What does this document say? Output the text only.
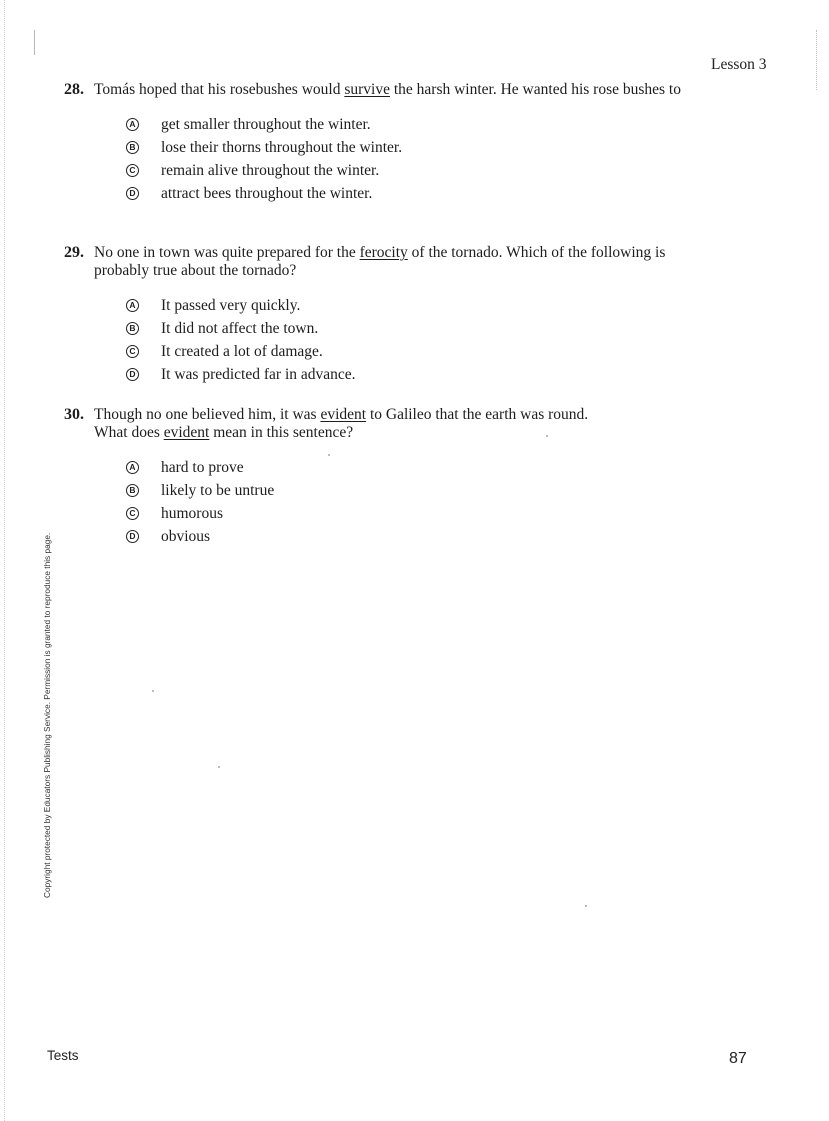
Lesson 3
28. Tomás hoped that his rosebushes would survive the harsh winter. He wanted his rose bushes to
A get smaller throughout the winter.
B lose their thorns throughout the winter.
C remain alive throughout the winter.
D attract bees throughout the winter.
29. No one in town was quite prepared for the ferocity of the tornado. Which of the following is probably true about the tornado?
A It passed very quickly.
B It did not affect the town.
C It created a lot of damage.
D It was predicted far in advance.
30. Though no one believed him, it was evident to Galileo that the earth was round.
What does evident mean in this sentence?
A hard to prove
B likely to be untrue
C humorous
D obvious
Copyright protected by Educators Publishing Service. Permission is granted to reproduce this page.
Tests	87
